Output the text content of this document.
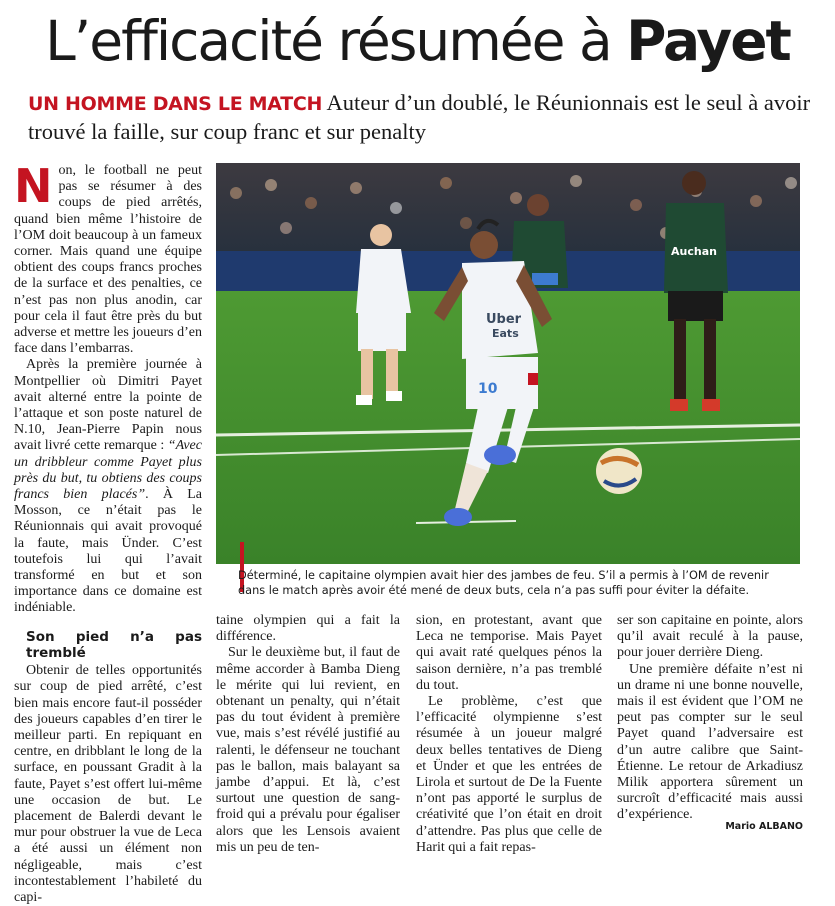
L’efficacité résumée à Payet
UN HOMME DANS LE MATCH Auteur d’un doublé, le Réunionnais est le seul à avoir trouvé la faille, sur coup franc et sur penalty

Non, le football ne peut pas se résumer à des coups de pied arrêtés, quand bien même l’histoire de l’OM doit beaucoup à un fameux corner. Mais quand une équipe obtient des coups francs proches de la surface et des penalties, ce n’est pas non plus anodin, car pour cela il faut être près du but adverse et mettre les joueurs d’en face dans l’embarras.

Après la première journée à Montpellier où Dimitri Payet avait alterné entre la pointe de l’attaque et son poste naturel de N.10, Jean-Pierre Papin nous avait livré cette remarque : “Avec un dribbleur comme Payet plus près du but, tu obtiens des coups francs bien placés”. À La Mosson, ce n’était pas le Réunionnais qui avait provoqué la faute, mais Ünder. C’est toutefois lui qui l’avait transformé en but et son importance dans ce domaine est indéniable.

Son pied n’a pas tremblé

Obtenir de telles opportunités sur coup de pied arrêté, c’est bien mais encore faut-il posséder des joueurs capables d’en tirer le meilleur parti. En repiquant en centre, en dribblant le long de la surface, en poussant Gradit à la faute, Payet s’est offert lui-même une occasion de but. Le placement de Balerdi devant le mur pour obstruer la vue de Leca a été aussi un élément non négligeable, mais c’est incontestablement l’habileté du capi-

Auchan
Uber
Eats
10
Déterminé, le capitaine olympien avait hier des jambes de feu. S’il a permis à l’OM de revenir dans le match après avoir été mené de deux buts, cela n’a pas suffi pour éviter la défaite.

taine olympien qui a fait la différence.

Sur le deuxième but, il faut de même accorder à Bamba Dieng le mérite qui lui revient, en obtenant un penalty, qui n’était pas du tout évident à première vue, mais s’est révélé justifié au ralenti, le défenseur ne touchant pas le ballon, mais balayant sa jambe d’appui. Et là, c’est surtout une question de sang-froid qui a prévalu pour égaliser alors que les Lensois avaient mis un peu de ten-

sion, en protestant, avant que Leca ne temporise. Mais Payet qui avait raté quelques pénos la saison dernière, n’a pas tremblé du tout.

Le problème, c’est que l’efficacité olympienne s’est résumée à un joueur malgré deux belles tentatives de Dieng et Ünder et que les entrées de Lirola et surtout de De la Fuente n’ont pas apporté le surplus de créativité que l’on était en droit d’attendre. Pas plus que celle de Harit qui a fait repas-

ser son capitaine en pointe, alors qu’il avait reculé à la pause, pour jouer derrière Dieng.

Une première défaite n’est ni un drame ni une bonne nouvelle, mais il est évident que l’OM ne peut pas compter sur le seul Payet quand l’adversaire est d’un autre calibre que Saint-Étienne. Le retour de Arkadiusz Milik apportera sûrement un surcroît d’efficacité mais aussi d’expérience.

Mario ALBANO
